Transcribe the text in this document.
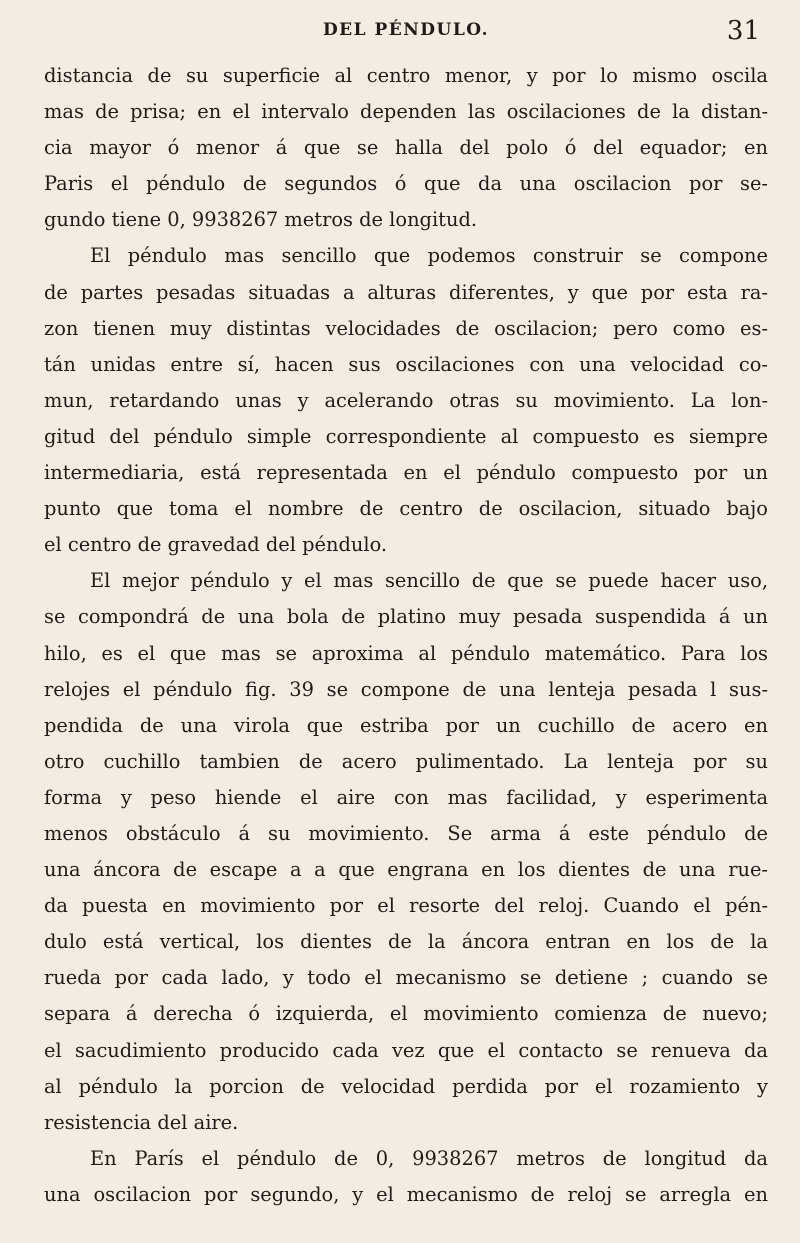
DEL PÉNDULO.	31
distancia de su superficie al centro menor, y por lo mismo oscila
mas de prisa; en el intervalo dependen las oscilaciones de la distan-
cia mayor ó menor á que se halla del polo ó del equador; en
Paris el péndulo de segundos ó que da una oscilacion por se-
gundo tiene 0, 9938267 metros de longitud.
El péndulo mas sencillo que podemos construir se compone
de partes pesadas situadas a alturas diferentes, y que por esta ra-
zon tienen muy distintas velocidades de oscilacion; pero como es-
tán unidas entre sí, hacen sus oscilaciones con una velocidad co-
mun, retardando unas y acelerando otras su movimiento. La lon-
gitud del péndulo simple correspondiente al compuesto es siempre
intermediaria, está representada en el péndulo compuesto por un
punto que toma el nombre de centro de oscilacion, situado bajo
el centro de gravedad del péndulo.
El mejor péndulo y el mas sencillo de que se puede hacer uso,
se compondrá de una bola de platino muy pesada suspendida á un
hilo, es el que mas se aproxima al péndulo matemático. Para los
relojes el péndulo fig. 39 se compone de una lenteja pesada l sus-
pendida de una virola que estriba por un cuchillo de acero en
otro cuchillo tambien de acero pulimentado. La lenteja por su
forma y peso hiende el aire con mas facilidad, y esperimenta
menos obstáculo á su movimiento. Se arma á este péndulo de
una áncora de escape a a que engrana en los dientes de una rue-
da puesta en movimiento por el resorte del reloj. Cuando el pén-
dulo está vertical, los dientes de la áncora entran en los de la
rueda por cada lado, y todo el mecanismo se detiene ; cuando se
separa á derecha ó izquierda, el movimiento comienza de nuevo;
el sacudimiento producido cada vez que el contacto se renueva da
al péndulo la porcion de velocidad perdida por el rozamiento y
resistencia del aire.
En París el péndulo de 0, 9938267 metros de longitud da
una oscilacion por segundo, y el mecanismo de reloj se arregla en
